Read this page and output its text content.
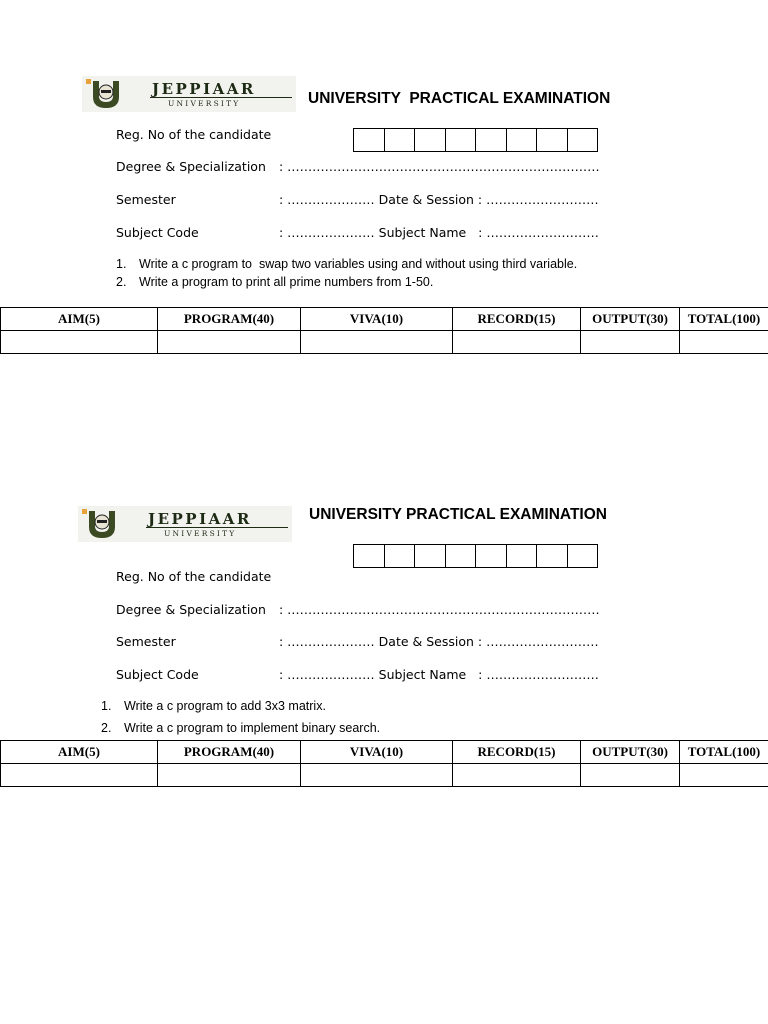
JEPPIAAR
UNIVERSITY	UNIVERSITY  PRACTICAL EXAMINATION
Reg. No of the candidate
Degree & Specialization : …………………………………………………………………
Semester	: ………………… Date & Session : ………………………
Subject Code	: ………………… Subject Name   : ………………………
1. Write a c program to  swap two variables using and without using third variable.
2. Write a program to print all prime numbers from 1-50.
AIM(5)	PROGRAM(40)	VIVA(10)	RECORD(15)	OUTPUT(30)	TOTAL(100)

JEPPIAAR
UNIVERSITY
UNIVERSITY PRACTICAL EXAMINATION
Reg. No of the candidate
Degree & Specialization : …………………………………………………………………
Semester	: ………………… Date & Session : ………………………
Subject Code	: ………………… Subject Name   : ………………………
1. Write a c program to add 3x3 matrix.
2. Write a c program to implement binary search.
AIM(5)	PROGRAM(40)	VIVA(10)	RECORD(15)	OUTPUT(30)	TOTAL(100)
